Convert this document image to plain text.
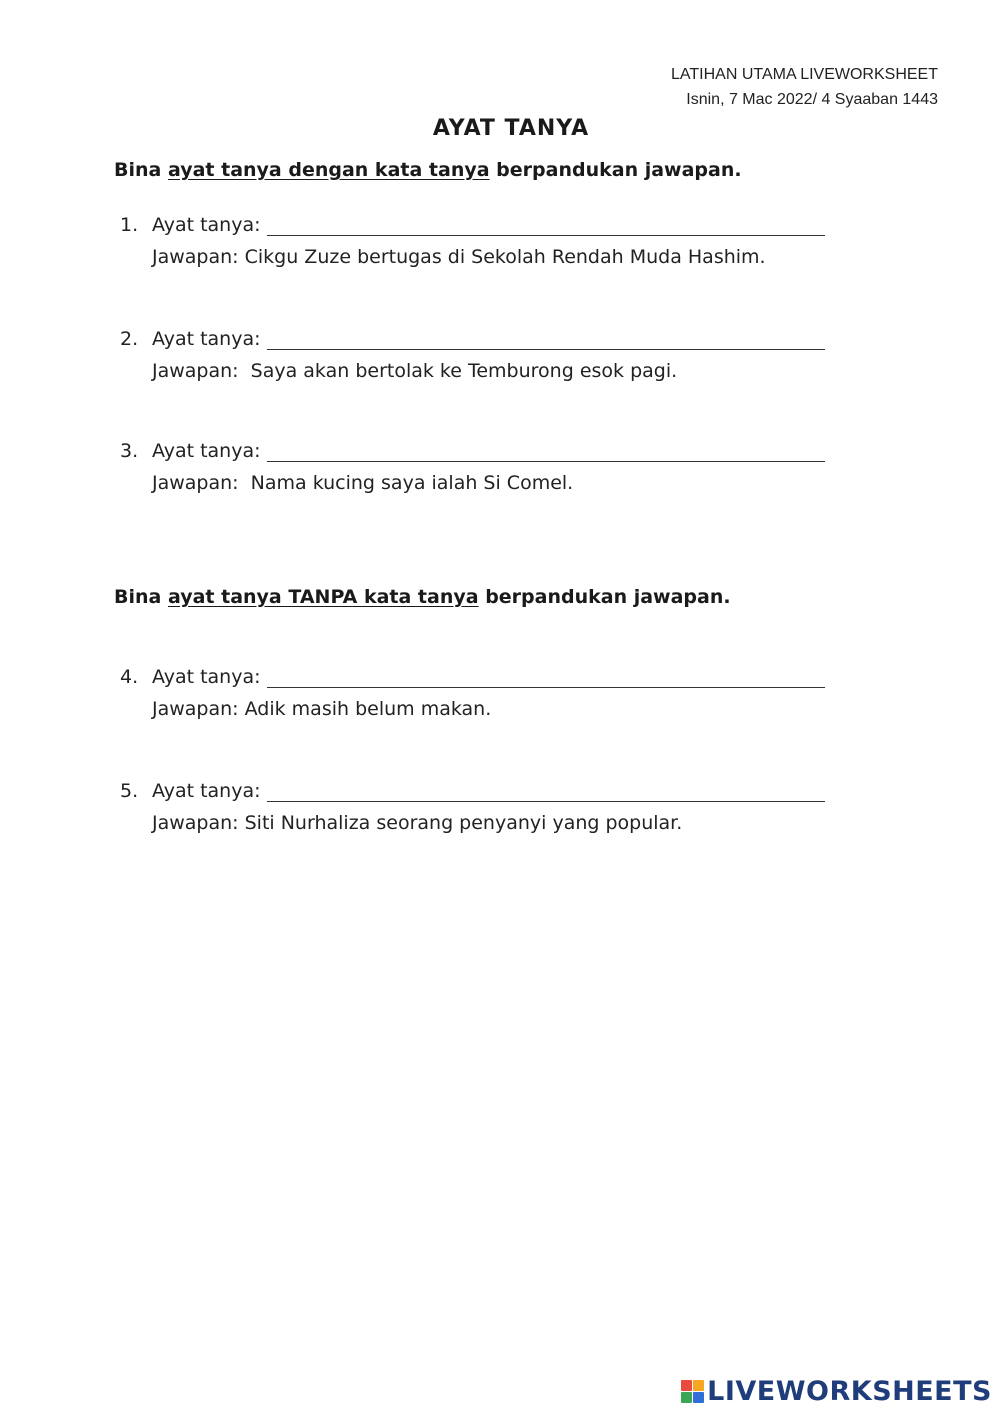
LATIHAN UTAMA LIVEWORKSHEET
Isnin, 7 Mac 2022/ 4 Syaaban 1443
AYAT TANYA
Bina ayat tanya dengan kata tanya berpandukan jawapan.
1. Ayat tanya:
Jawapan: Cikgu Zuze bertugas di Sekolah Rendah Muda Hashim.
2. Ayat tanya:
Jawapan:  Saya akan bertolak ke Temburong esok pagi.
3. Ayat tanya:
Jawapan:  Nama kucing saya ialah Si Comel.
Bina ayat tanya TANPA kata tanya berpandukan jawapan.
4. Ayat tanya:
Jawapan: Adik masih belum makan.
5. Ayat tanya:
Jawapan: Siti Nurhaliza seorang penyanyi yang popular.
LIVEWORKSHEETS
